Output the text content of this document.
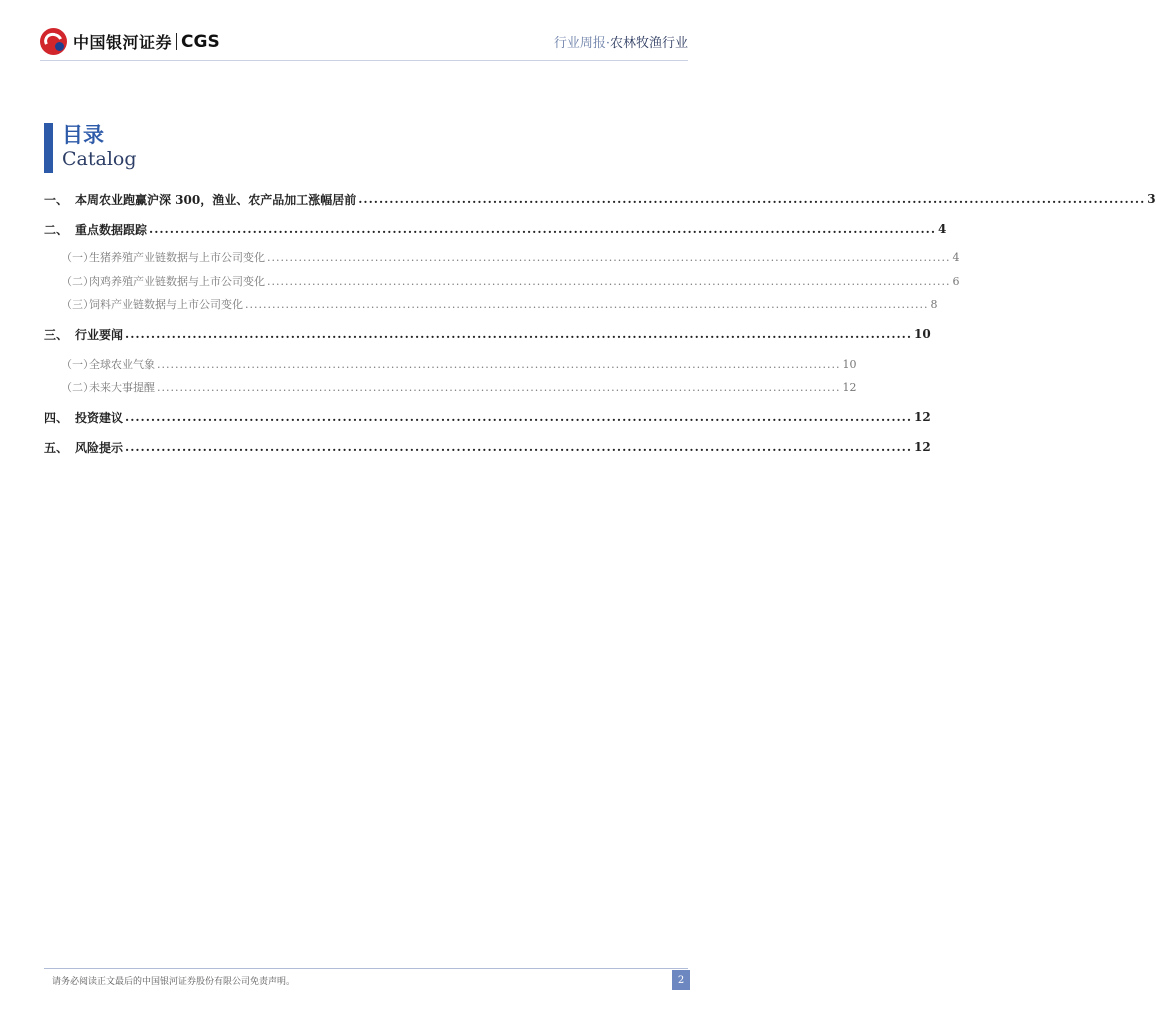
中国银河证券 CGS	行业周报·农林牧渔行业
目录
Catalog
一、 本周农业跑赢沪深 300，渔业、农产品加工涨幅居前 ........................................................................................................................................................ 3
二、 重点数据跟踪 ........................................................................................................................................................ 4
（一）
生猪养殖产业链数据与上市公司变化 ........................................................................................................................................................ 4
（二）
肉鸡养殖产业链数据与上市公司变化 ........................................................................................................................................................ 6
（三）
饲料产业链数据与上市公司变化 ........................................................................................................................................................ 8
三、 行业要闻 ........................................................................................................................................................ 10
（一）
全球农业气象 ........................................................................................................................................................ 10
（二）
未来大事提醒 ........................................................................................................................................................ 12
四、 投资建议 ........................................................................................................................................................ 12
五、 风险提示 ........................................................................................................................................................ 12
请务必阅读正文最后的中国银河证券股份有限公司免责声明。	2
